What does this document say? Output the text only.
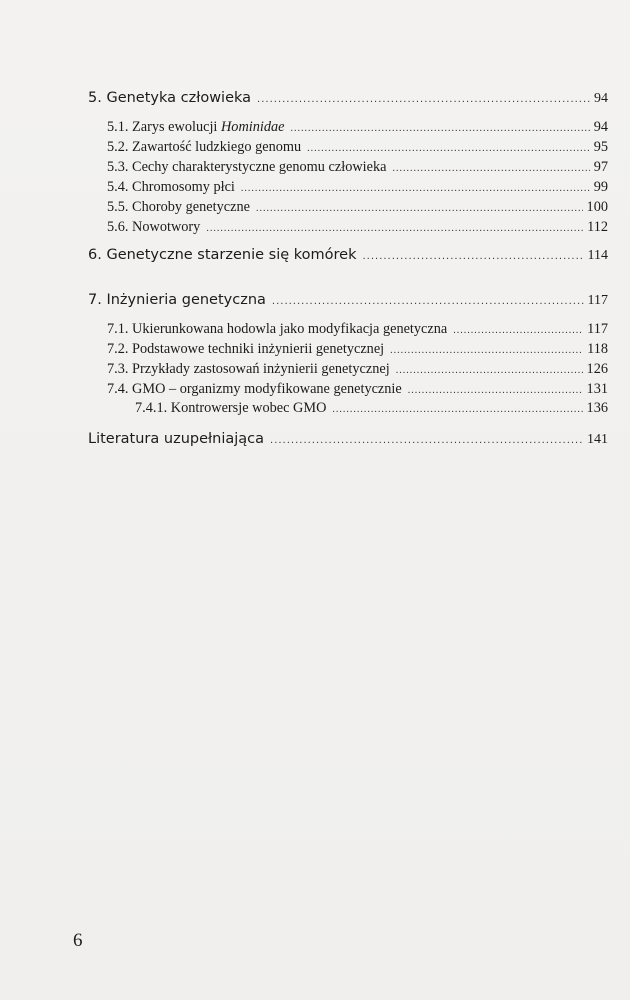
5. Genetyka człowieka .....	94
5.1. Zarys ewolucji Hominidae .....	94
5.2. Zawartość ludzkiego genomu .....	95
5.3. Cechy charakterystyczne genomu człowieka .....	97
5.4. Chromosomy płci .....	99
5.5. Choroby genetyczne .....	100
5.6. Nowotwory .....	112
6. Genetyczne starzenie się komórek .....	114
7. Inżynieria genetyczna .....	117
7.1. Ukierunkowana hodowla jako modyfikacja genetyczna .....	117
7.2. Podstawowe techniki inżynierii genetycznej .....	118
7.3. Przykłady zastosowań inżynierii genetycznej .....	126
7.4. GMO – organizmy modyfikowane genetycznie .....	131
7.4.1. Kontrowersje wobec GMO .....	136
Literatura uzupełniająca .....	141
6
